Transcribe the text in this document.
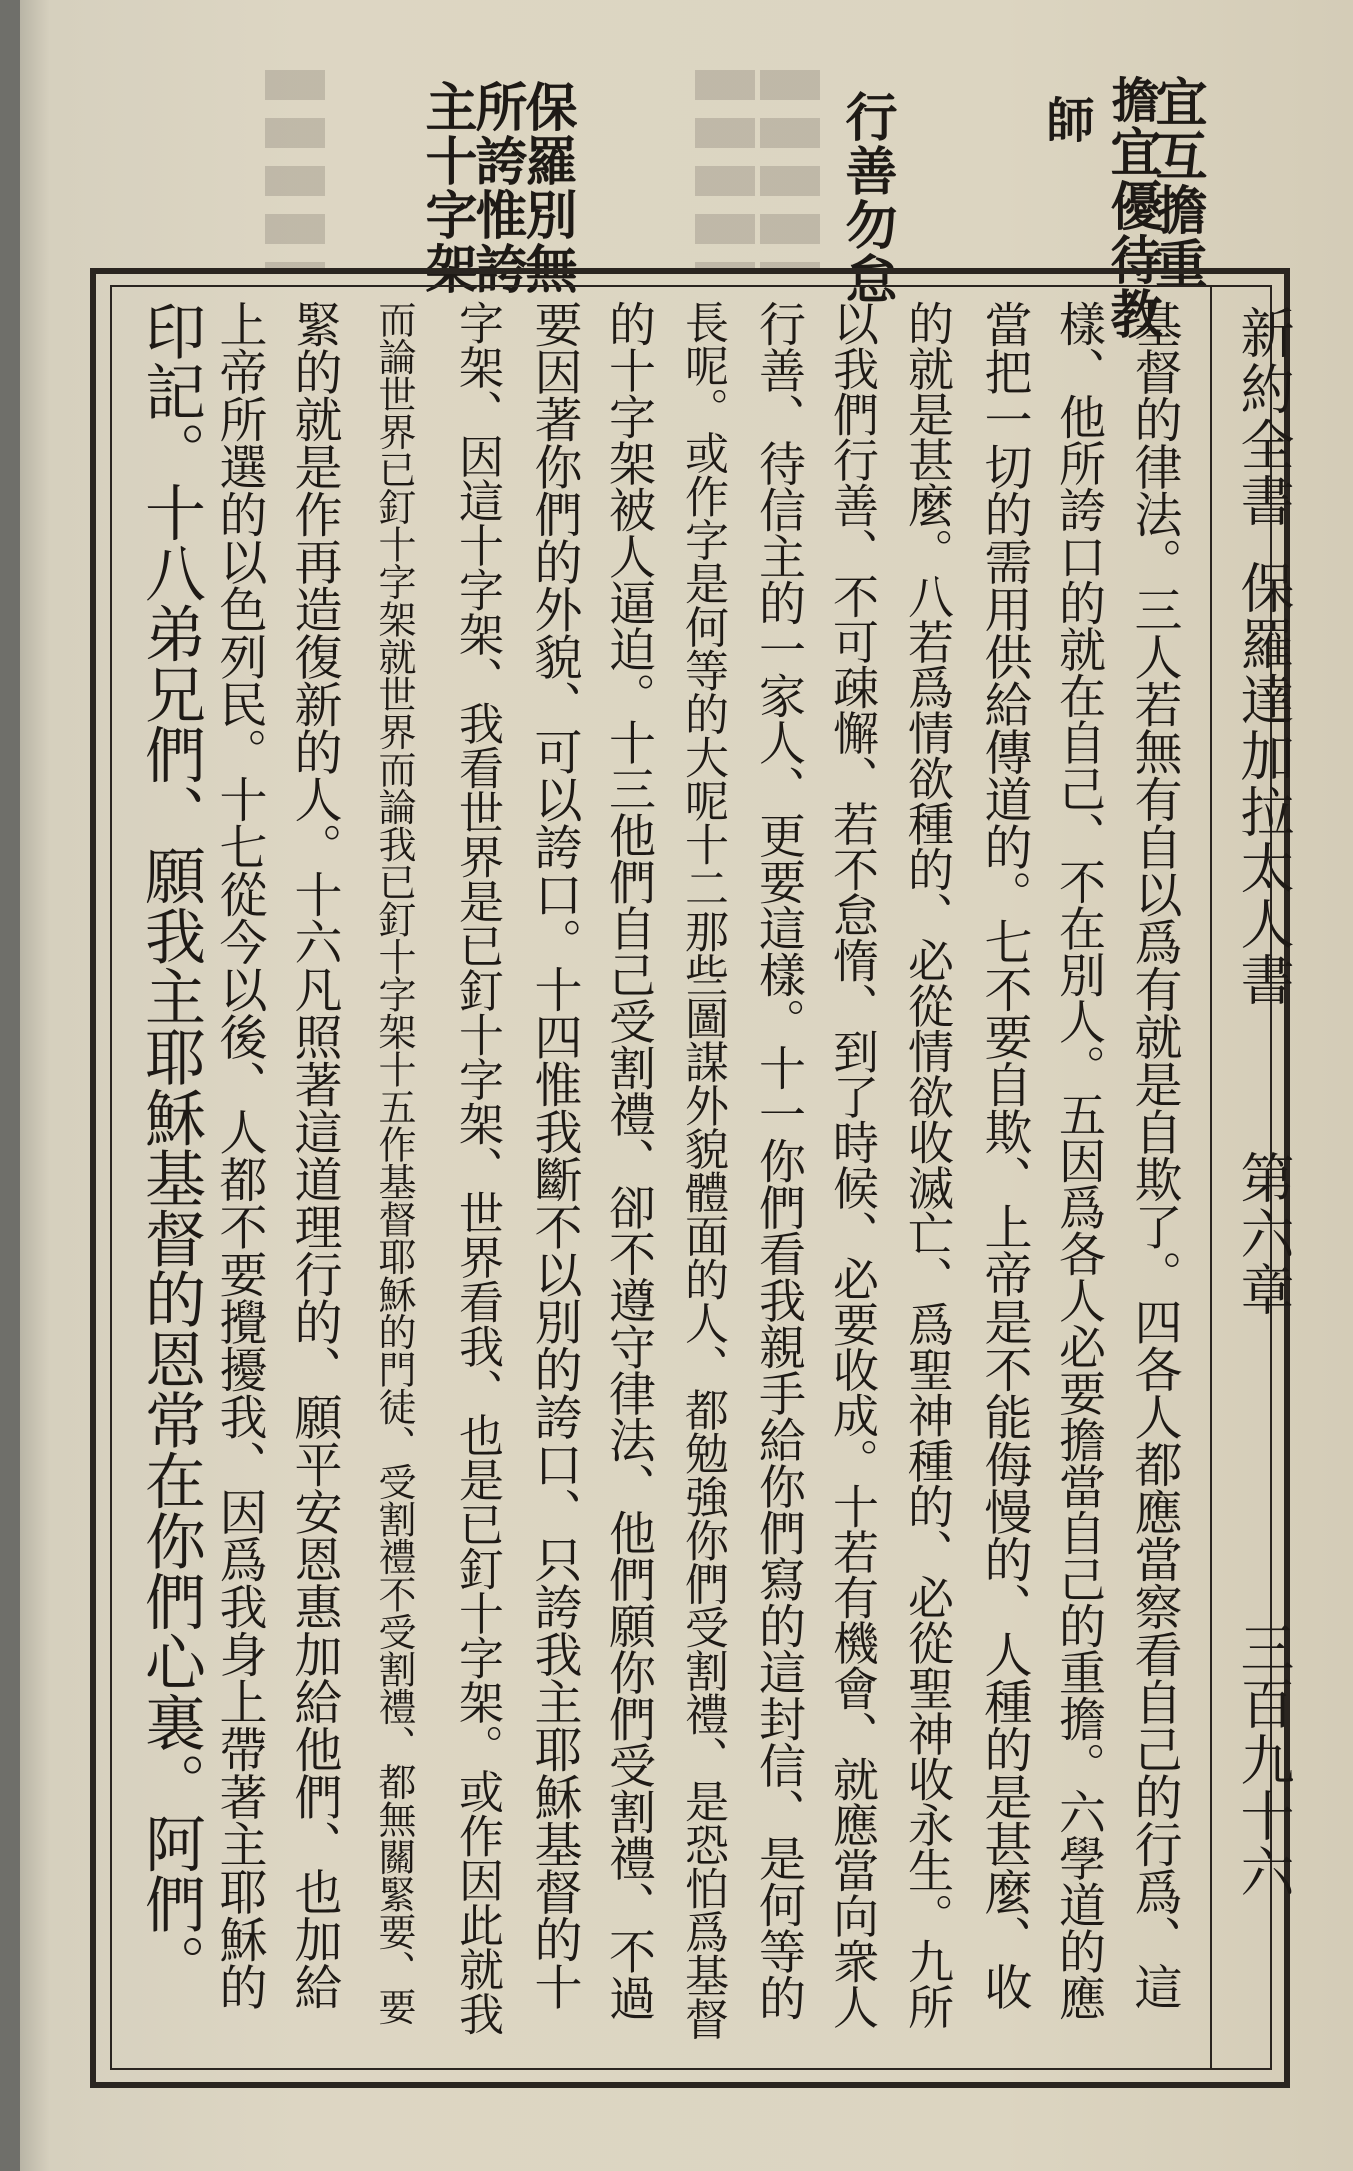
宜互擔重
擔
宜優待教
師
行善勿怠
保羅別無
所誇惟誇
主十字架
新約全書
保羅達加拉太人書
第六章
三百九十六
基督的律法。三人若無有自以爲有就是自欺了。四各人都應當察看自己的行爲、這
樣、他所誇口的就在自己、不在別人。五因爲各人必要擔當自己的重擔。六學道的應
當把一切的需用供給傳道的。七不要自欺、上帝是不能侮慢的、人種的是甚麼、收
的就是甚麼。八若爲情欲種的、必從情欲收滅亡、爲聖神種的、必從聖神收永生。九所
以我們行善、不可疎懈、若不怠惰、到了時候、必要收成。十若有機會、就應當向衆人
行善、待信主的一家人、更要這樣。十一你們看我親手給你們寫的這封信、是何等的
長呢。或作字是何等的大呢十二那些圖謀外貌體面的人、都勉強你們受割禮、是恐怕爲基督
的十字架被人逼迫。十三他們自己受割禮、卻不遵守律法、他們願你們受割禮、不過
要因著你們的外貌、可以誇口。十四惟我斷不以別的誇口、只誇我主耶穌基督的十
字架、因這十字架、我看世界是已釘十字架、世界看我、也是已釘十字架。或作因此就我
而論世界已釘十字架就世界而論我已釘十字架十五作基督耶穌的門徒、受割禮不受割禮、都無關緊要、要
緊的就是作再造復新的人。十六凡照著這道理行的、願平安恩惠加給他們、也加給
上帝所選的以色列民。十七從今以後、人都不要攪擾我、因爲我身上帶著主耶穌的
印記。十八弟兄們、願我主耶穌基督的恩常在你們心裏。阿們。
